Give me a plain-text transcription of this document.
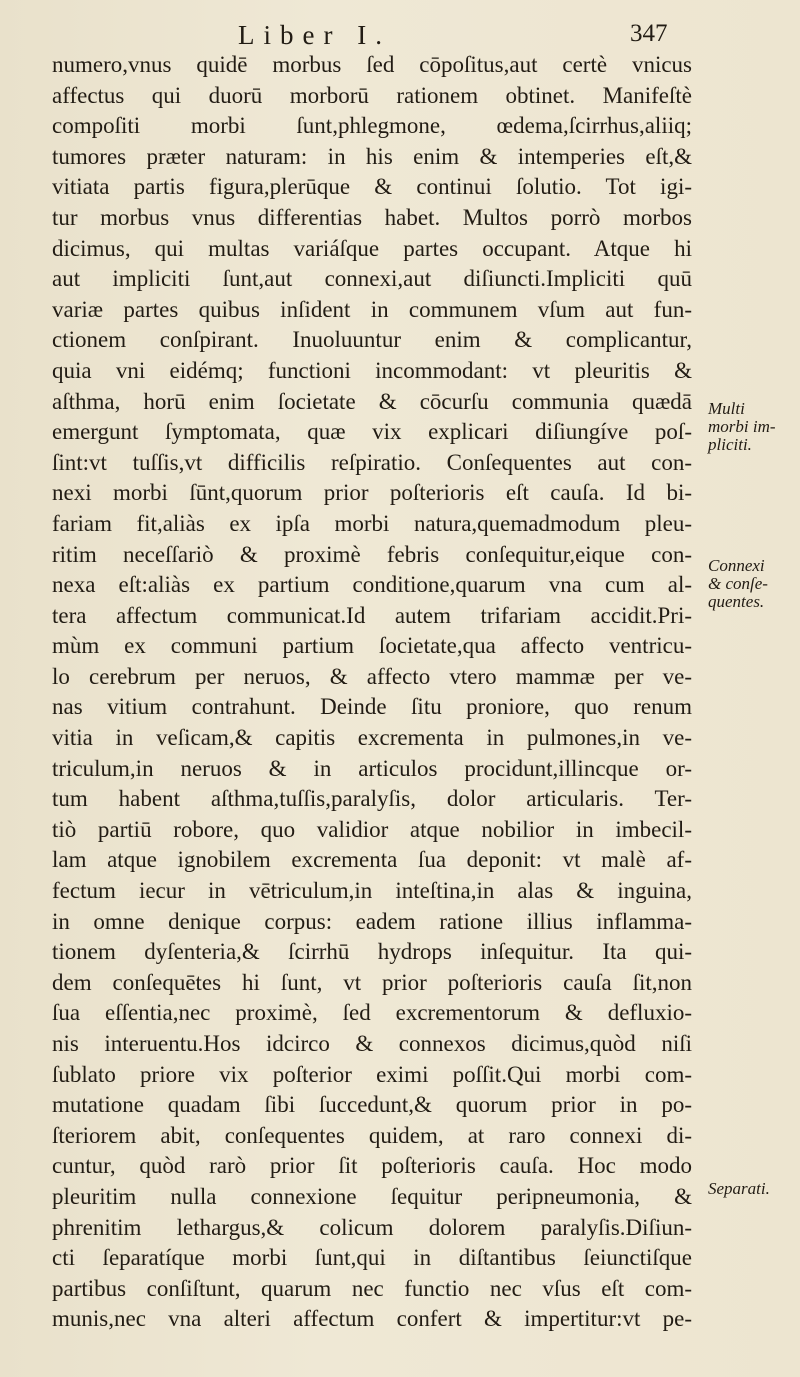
Liber I.	347
numero,vnus quidē morbus ſed cōpoſitus,aut certè vnicus
affectus qui duorū morborū rationem obtinet. Manifeſtè
compoſiti morbi ſunt,phlegmone, œdema,ſcirrhus,aliiq;
tumores præter naturam: in his enim & intemperies eſt,&
vitiata partis figura,plerūque & continui ſolutio. Tot igi-
tur morbus vnus differentias habet. Multos porrò morbos
dicimus, qui multas variáſque partes occupant. Atque hi
aut impliciti ſunt,aut connexi,aut diſiuncti.Impliciti quū
variæ partes quibus inſident in communem vſum aut fun-
ctionem conſpirant. Inuoluuntur enim & complicantur,
quia vni eidémq; functioni incommodant: vt pleuritis &
aſthma, horū enim ſocietate & cōcurſu communia quædā
emergunt ſymptomata, quæ vix explicari diſiungíve poſ-
ſint:vt tuſſis,vt difficilis reſpiratio. Conſequentes aut con-
nexi morbi ſūnt,quorum prior poſterioris eſt cauſa. Id bi-
fariam fit,aliàs ex ipſa morbi natura,quemadmodum pleu-
ritim neceſſariò & proximè febris conſequitur,eique con-
nexa eſt:aliàs ex partium conditione,quarum vna cum al-
tera affectum communicat.Id autem trifariam accidit.Pri-
mùm ex communi partium ſocietate,qua affecto ventricu-
lo cerebrum per neruos, & affecto vtero mammæ per ve-
nas vitium contrahunt. Deinde ſitu proniore, quo renum
vitia in veſicam,& capitis excrementa in pulmones,in ve-
triculum,in neruos & in articulos procidunt,illincque or-
tum habent aſthma,tuſſis,paralyſis, dolor articularis. Ter-
tiò partiū robore, quo validior atque nobilior in imbecil-
lam atque ignobilem excrementa ſua deponit: vt malè af-
fectum iecur in vētriculum,in inteſtina,in alas & inguina,
in omne denique corpus: eadem ratione illius inflamma-
tionem dyſenteria,& ſcirrhū hydrops inſequitur. Ita qui-
dem conſequētes hi ſunt, vt prior poſterioris cauſa ſit,non
ſua eſſentia,nec proximè, ſed excrementorum & defluxio-
nis interuentu.Hos idcirco & connexos dicimus,quòd niſi
ſublato priore vix poſterior eximi poſſit.Qui morbi com-
mutatione quadam ſibi ſuccedunt,& quorum prior in po-
ſteriorem abit, conſequentes quidem, at raro connexi di-
cuntur, quòd rarò prior ſit poſterioris cauſa. Hoc modo
pleuritim nulla connexione ſequitur peripneumonia, &
phrenitim lethargus,& colicum dolorem paralyſis.Diſiun-
cti ſeparatíque morbi ſunt,qui in diſtantibus ſeiunctiſque
partibus conſiſtunt, quarum nec functio nec vſus eſt com-
munis,nec vna alteri affectum confert & impertitur:vt pe-
Multi
morbi im-
pliciti.
Connexi
& conſe-
quentes.
Separati.
